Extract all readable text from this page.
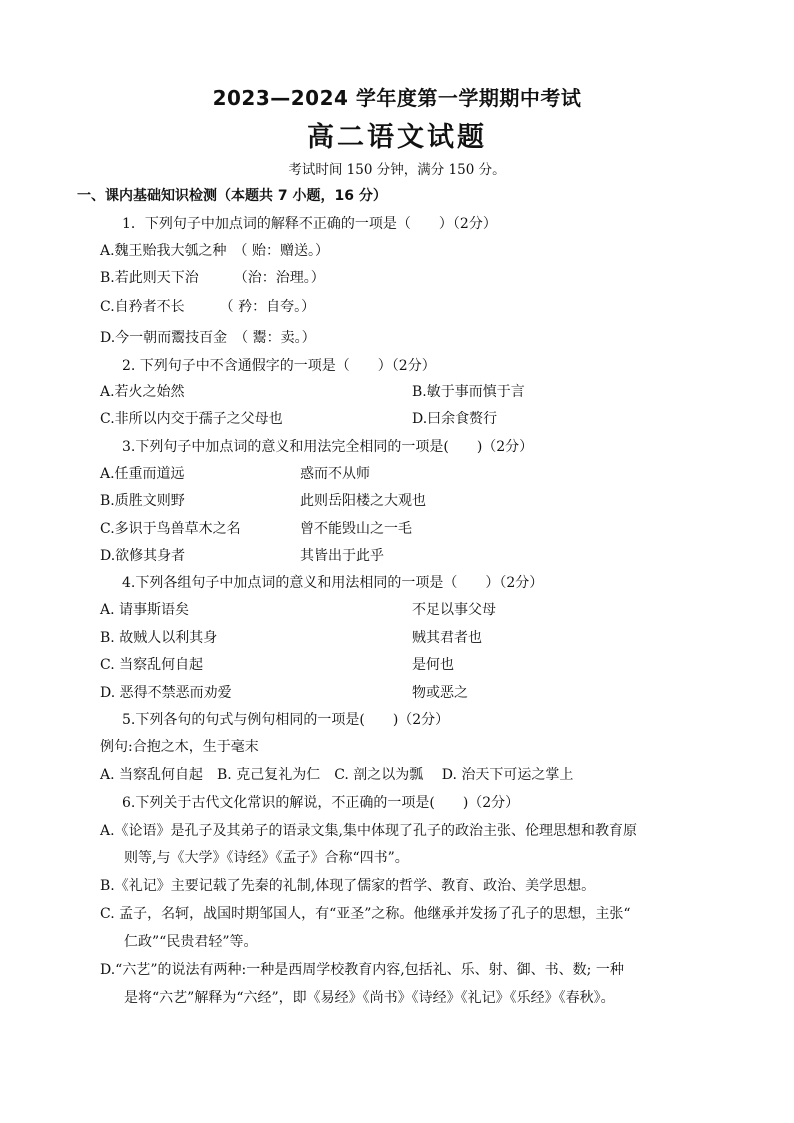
2023—2024 学年度第一学期期中考试
高二语文试题
考试时间 150 分钟，满分 150 分。
一、课内基础知识检测（本题共 7 小题，16 分）
1．下列句子中加点词的解释不正确的一项是（　　）（2分）
A.魏王贻我大瓠之种　（ 贻：赠送。）
B.若此则天下治　　　（治：治理。）
C.自矜者不长　　　（ 矜：自夸。）
D.今一朝而鬻技百金　（ 鬻：卖。）
2. 下列句子中不含通假字的一项是（　　）（2分）
A.若火之始然	B.敏于事而慎于言
C.非所以内交于孺子之父母也	D.曰余食赘行
3.下列句子中加点词的意义和用法完全相同的一项是(　　)（2分）
A.任重而道远	惑而不从师
B.质胜文则野	此则岳阳楼之大观也
C.多识于鸟兽草木之名	曾不能毁山之一毛
D.欲修其身者	其皆出于此乎
4.下列各组句子中加点词的意义和用法相同的一项是（　　）（2分）
A. 请事斯语矣	不足以事父母
B. 故贼人以利其身	贼其君者也
C. 当察乱何自起	是何也
D. 恶得不禁恶而劝爱	物或恶之
5.下列各句的句式与例句相同的一项是(　　)（2分）
例句:合抱之木，生于毫末
A. 当察乱何自起　B. 克己复礼为仁　C. 剖之以为瓢　 D. 治天下可运之掌上
6.下列关于古代文化常识的解说，不正确的一项是(　　)（2分）
A.《论语》是孔子及其弟子的语录文集,集中体现了孔子的政治主张、伦理思想和教育原
则等,与《大学》《诗经》《孟子》合称“四书”。
B.《礼记》主要记载了先秦的礼制,体现了儒家的哲学、教育、政治、美学思想。
C. 孟子，名轲，战国时期邹国人，有“亚圣”之称。他继承并发扬了孔子的思想，主张“
仁政”“民贵君轻”等。
D.“六艺”的说法有两种:一种是西周学校教育内容,包括礼、乐、射、御、书、数; 一种
是将“六艺”解释为“六经”，即《易经》《尚书》《诗经》《礼记》《乐经》《春秋》。
